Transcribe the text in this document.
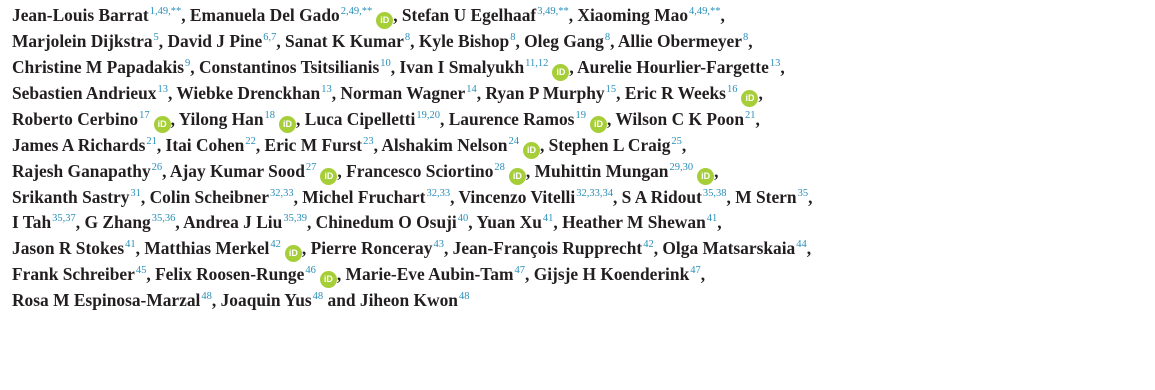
Jean-Louis Barrat$^{1,49,**}$, Emanuela Del Gado$^{2,49,**}$iD , Stefan U Egelhaaf$^{3,49,**}$, Xiaoming Mao$^{4,49,**}$,
Marjolein Dijkstra$^5$, David J Pine$^{6,7}$, Sanat K Kumar$^8$, Kyle Bishop$^8$, Oleg Gang$^8$, Allie Obermeyer$^8$,
Christine M Papadakis$^9$, Constantinos Tsitsilianis$^{10}$, Ivan I Smalyukh$^{11,12}$iD , Aurelie Hourlier-Fargette$^{13}$,
Sebastien Andrieux$^{13}$, Wiebke Drenckhan$^{13}$, Norman Wagner$^{14}$, Ryan P Murphy$^{15}$, Eric R Weeks$^{16}$iD ,
Roberto Cerbino$^{17}$iD , Yilong Han$^{18}$iD , Luca Cipelletti$^{19,20}$, Laurence Ramos$^{19}$iD , Wilson C K Poon$^{21}$,
James A Richards$^{21}$, Itai Cohen$^{22}$, Eric M Furst$^{23}$, Alshakim Nelson$^{24}$iD , Stephen L Craig$^{25}$,
Rajesh Ganapathy$^{26}$, Ajay Kumar Sood$^{27}$iD , Francesco Sciortino$^{28}$iD , Muhittin Mungan$^{29,30}$iD ,
Srikanth Sastry$^{31}$, Colin Scheibner$^{32,33}$, Michel Fruchart$^{32,33}$, Vincenzo Vitelli$^{32,33,34}$, S A Ridout$^{35,38}$, M Stern$^{35}$,
I Tah$^{35,37}$, G Zhang$^{35,36}$, Andrea J Liu$^{35,39}$, Chinedum O Osuji$^{40}$, Yuan Xu$^{41}$, Heather M Shewan$^{41}$,
Jason R Stokes$^{41}$, Matthias Merkel$^{42}$iD , Pierre Ronceray$^{43}$, Jean-François Rupprecht$^{42}$, Olga Matsarskaia$^{44}$,
Frank Schreiber$^{45}$, Felix Roosen-Runge$^{46}$iD , Marie-Eve Aubin-Tam$^{47}$, Gijsje H Koenderink$^{47}$,
Rosa M Espinosa-Marzal$^{48}$, Joaquin Yus$^{48}$ and Jiheon Kwon$^{48}$
